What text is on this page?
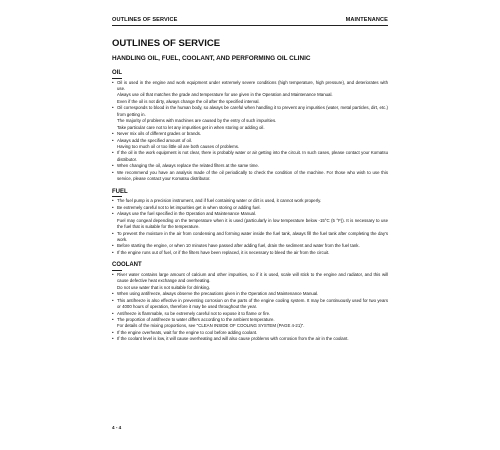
OUTLINES OF SERVICE	MAINTENANCE
OUTLINES OF SERVICE
HANDLING OIL, FUEL, COOLANT, AND PERFORMING OIL CLINIC
OIL

• Oil is used in the engine and work equipment under extremely severe conditions (high temperature, high pressure), and deteriorates with use.

Always use oil that matches the grade and temperature for use given in the Operation and Maintenance Manual.

Even if the oil is not dirty, always change the oil after the specified interval.

• Oil corresponds to blood in the human body, so always be careful when handling it to prevent any impurities (water, metal particles, dirt, etc.) from getting in.

The majority of problems with machines are caused by the entry of such impurities.

Take particular care not to let any impurities get in when storing or adding oil.

• Never mix oils of different grades or brands.

• Always add the specified amount of oil.

Having too much oil or too little oil are both causes of problems.

• If the oil in the work equipment is not clear, there is probably water or air getting into the circuit. In such cases, please contact your Komatsu distributor.

• When changing the oil, always replace the related filters at the same time.

• We recommend you have an analysis made of the oil periodically to check the condition of the machine. For those who wish to use this service, please contact your Komatsu distributor.

FUEL

• The fuel pump is a precision instrument, and if fuel containing water or dirt is used, it cannot work properly.

• Be extremely careful not to let impurities get in when storing or adding fuel.

• Always use the fuel specified in the Operation and Maintenance Manual.

Fuel may congeal depending on the temperature when it is used (particularly in low temperature below -15°C (5 °F)). It is necessary to use the fuel that is suitable for the temperature.

• To prevent the moisture in the air from condensing and forming water inside the fuel tank, always fill the fuel tank after completing the day's work.

• Before starting the engine, or when 10 minutes have passed after adding fuel, drain the sediment and water from the fuel tank.

• If the engine runs out of fuel, or if the filters have been replaced, it is necessary to bleed the air from the circuit.

COOLANT

• River water contains large amount of calcium and other impurities, so if it is used, scale will stick to the engine and radiator, and this will cause defective heat exchange and overheating.

Do not use water that is not suitable for drinking.

• When using antifreeze, always observe the precautions given in the Operation and Maintenance Manual.

• This antifreeze is also effective in preventing corrosion on the parts of the engine cooling system. It may be continuously used for two years or 4000 hours of operation, therefore it may be used throughout the year.

• Antifreeze is flammable, so be extremely careful not to expose it to flame or fire.

• The proportion of antifreeze to water differs according to the ambient temperature.

For details of the mixing proportions, see "CLEAN INSIDE OF COOLING SYSTEM (PAGE 4-21)".

• If the engine overheats, wait for the engine to cool before adding coolant.

• If the coolant level is low, it will cause overheating and will also cause problems with corrosion from the air in the coolant.

4 - 4
